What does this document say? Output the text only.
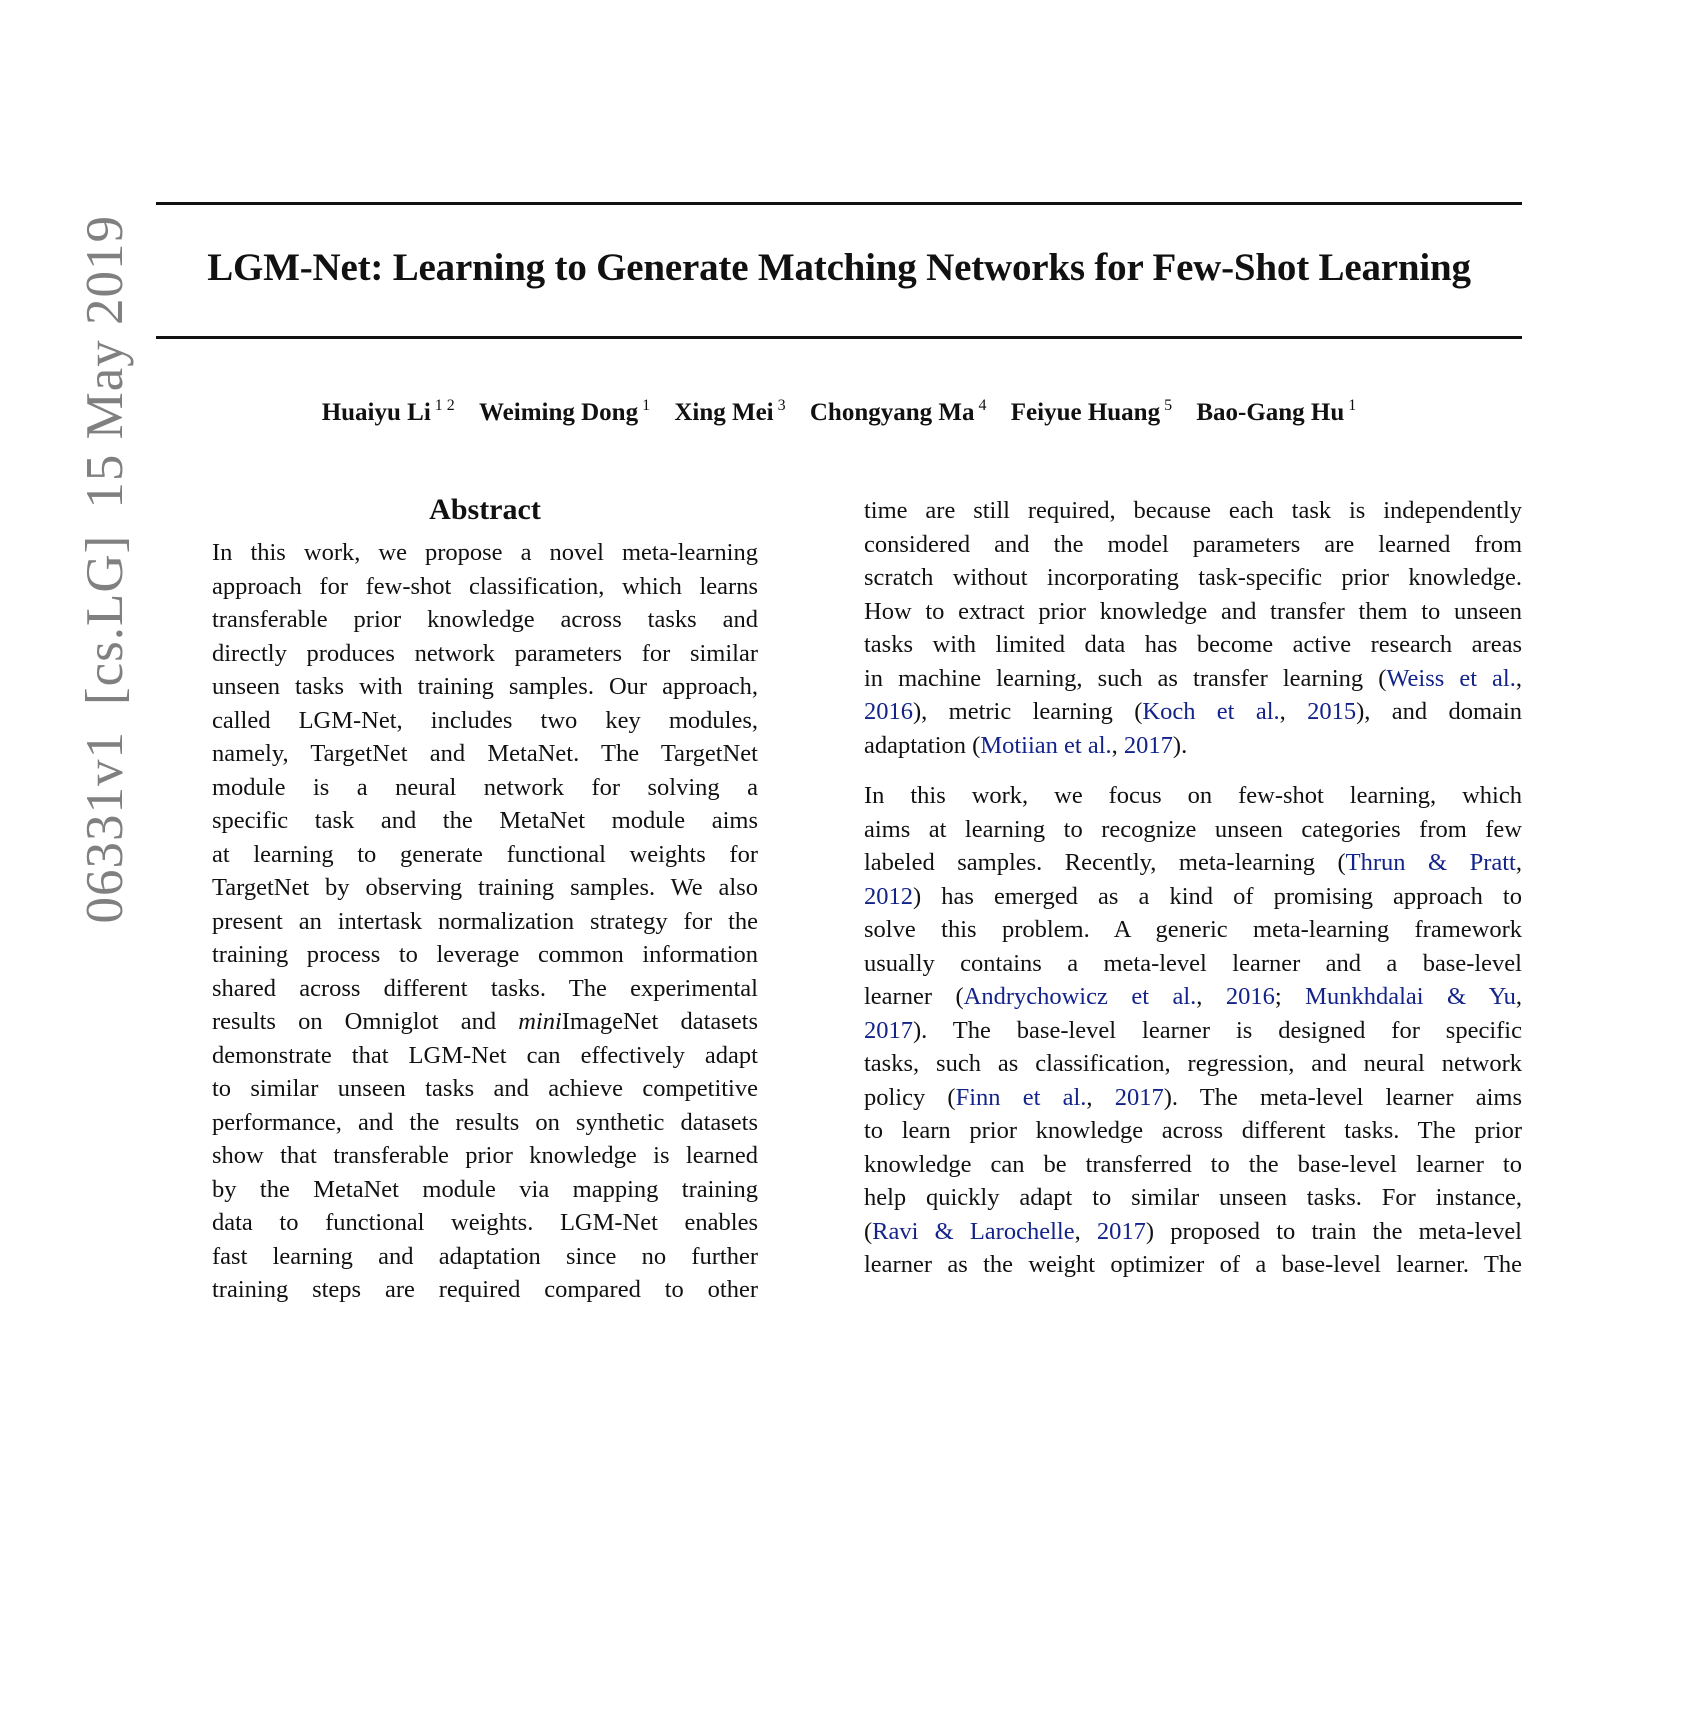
06331v1[cs.LG]15 May 2019	LGM-Net: Learning to Generate Matching Networks for Few-Shot Learning
Huaiyu Li $^{1 2}$ Weiming Dong $^1$ Xing Mei $^3$ Chongyang Ma $^4$ Feiyue Huang $^5$ Bao-Gang Hu $^1$
Abstract
In this work, we propose a novel meta-learning
approach for few-shot classification, which learns
transferable prior knowledge across tasks and
directly produces network parameters for similar
unseen tasks with training samples. Our approach,
called LGM-Net, includes two key modules,
namely, TargetNet and MetaNet. The TargetNet
module is a neural network for solving a
specific task and the MetaNet module aims
at learning to generate functional weights for
TargetNet by observing training samples. We also
present an intertask normalization strategy for the
training process to leverage common information
shared across different tasks. The experimental
results on Omniglot and miniImageNet datasets
demonstrate that LGM-Net can effectively adapt
to similar unseen tasks and achieve competitive
performance, and the results on synthetic datasets
show that transferable prior knowledge is learned
by the MetaNet module via mapping training
data to functional weights. LGM-Net enables
fast learning and adaptation since no further
training steps are required compared to other
time are still required, because each task is independently
considered and the model parameters are learned from
scratch without incorporating task-specific prior knowledge.
How to extract prior knowledge and transfer them to unseen
tasks with limited data has become active research areas
in machine learning, such as transfer learning (Weiss et al.,
2016), metric learning (Koch et al., 2015), and domain
adaptation (Motiian et al., 2017).
In this work, we focus on few-shot learning, which
aims at learning to recognize unseen categories from few
labeled samples. Recently, meta-learning (Thrun & Pratt,
2012) has emerged as a kind of promising approach to
solve this problem. A generic meta-learning framework
usually contains a meta-level learner and a base-level
learner (Andrychowicz et al., 2016; Munkhdalai & Yu,
2017). The base-level learner is designed for specific
tasks, such as classification, regression, and neural network
policy (Finn et al., 2017). The meta-level learner aims
to learn prior knowledge across different tasks. The prior
knowledge can be transferred to the base-level learner to
help quickly adapt to similar unseen tasks. For instance,
(Ravi & Larochelle, 2017) proposed to train the meta-level
learner as the weight optimizer of a base-level learner. The
